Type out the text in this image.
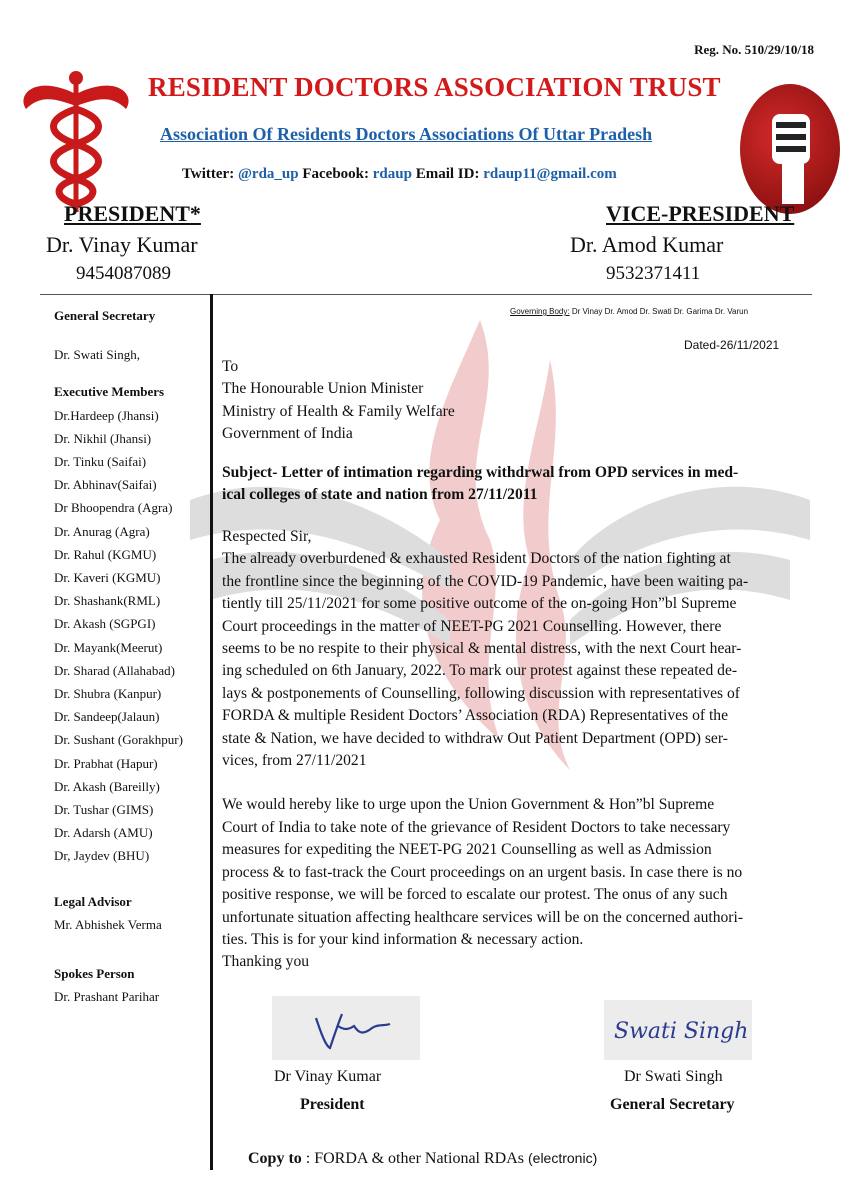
Reg. No. 510/29/10/18
RESIDENT DOCTORS ASSOCIATION TRUST
Association Of Residents Doctors Associations Of Uttar Pradesh
Twitter: @rda_up Facebook: rdaup Email ID: rdaup11@gmail.com
PRESIDENT*
Dr. Vinay Kumar
9454087089
VICE-PRESIDENT
Dr. Amod Kumar
9532371411
General Secretary
Dr. Swati Singh,
Executive Members
Dr.Hardeep (Jhansi)
Dr. Nikhil (Jhansi)
Dr. Tinku (Saifai)
Dr. Abhinav(Saifai)
Dr Bhoopendra (Agra)
Dr. Anurag (Agra)
Dr. Rahul (KGMU)
Dr. Kaveri (KGMU)
Dr. Shashank(RML)
Dr. Akash (SGPGI)
Dr. Mayank(Meerut)
Dr. Sharad (Allahabad)
Dr. Shubra (Kanpur)
Dr. Sandeep(Jalaun)
Dr. Sushant (Gorakhpur)
Dr. Prabhat (Hapur)
Dr. Akash (Bareilly)
Dr. Tushar (GIMS)
Dr. Adarsh (AMU)
Dr, Jaydev (BHU)
Legal Advisor
Mr. Abhishek Verma
Spokes Person
Dr. Prashant Parihar
Governing Body: Dr Vinay Dr. Amod Dr. Swati Dr. Garima Dr. Varun
Dated-26/11/2021
To
The Honourable Union Minister
Ministry of Health & Family Welfare
Government of India
Subject- Letter of intimation regarding withdrwal from OPD services in med-
ical colleges of state and nation from 27/11/2011
Respected Sir,
The already overburdened & exhausted Resident Doctors of the nation fighting at
the frontline since the beginning of the COVID-19 Pandemic, have been waiting pa-
tiently till 25/11/2021 for some positive outcome of the on-going Hon”bl Supreme
Court proceedings in the matter of NEET-PG 2021 Counselling. However, there
seems to be no respite to their physical & mental distress, with the next Court hear-
ing scheduled on 6th January, 2022. To mark our protest against these repeated de-
lays & postponements of Counselling, following discussion with representatives of
FORDA & multiple Resident Doctors’ Association (RDA) Representatives of the
state & Nation, we have decided to withdraw Out Patient Department (OPD) ser-
vices, from 27/11/2021
We would hereby like to urge upon the Union Government & Hon”bl Supreme
Court of India to take note of the grievance of Resident Doctors to take necessary
measures for expediting the NEET-PG 2021 Counselling as well as Admission
process & to fast-track the Court proceedings on an urgent basis. In case there is no
positive response, we will be forced to escalate our protest. The onus of any such
unfortunate situation affecting healthcare services will be on the concerned authori-
ties. This is for your kind information & necessary action.
Thanking you
Swati Singh
Dr Vinay Kumar
President
Dr Swati Singh
General Secretary
Copy to : FORDA & other National RDAs (electronic)
